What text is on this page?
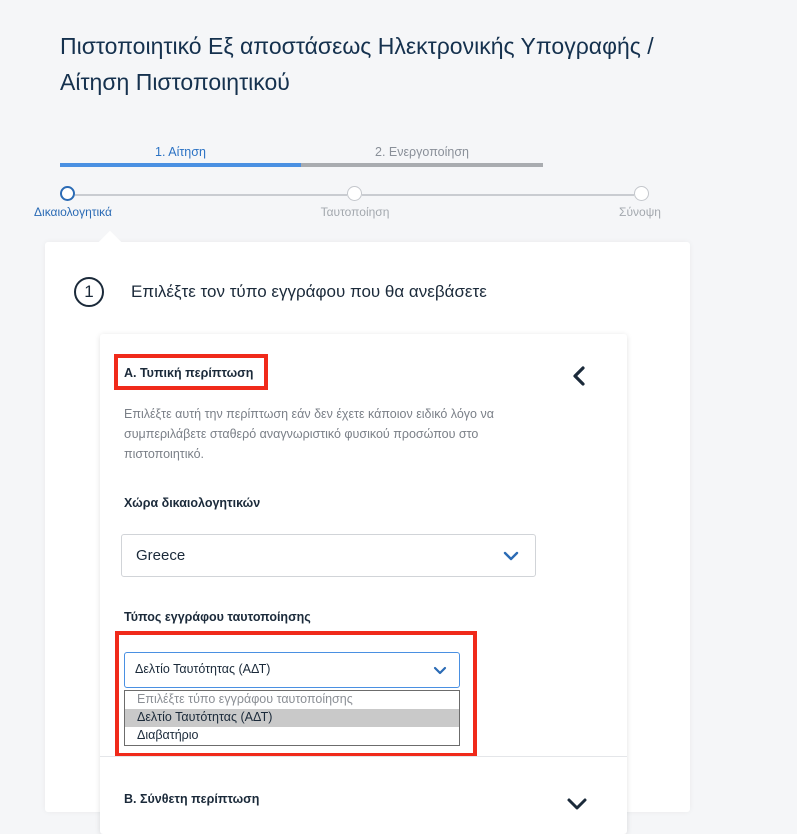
Πιστοποιητικό Εξ αποστάσεως Ηλεκτρονικής Υπογραφής /
Αίτηση Πιστοποιητικού
1. Αίτηση	2. Ενεργοποίηση
Δικαιολογητικά	Ταυτοποίηση	Σύνοψη
1	Επιλέξτε τον τύπο εγγράφου που θα ανεβάσετε
Α. Τυπική περίπτωση

Επιλέξτε αυτή την περίπτωση εάν δεν έχετε κάποιον ειδικό λόγο να συμπεριλάβετε σταθερό αναγνωριστικό φυσικού προσώπου στο πιστοποιητικό.

Χώρα δικαιολογητικών
Greece
Τύπος εγγράφου ταυτοποίησης
Δελτίο Ταυτότητας (ΑΔΤ)
Επιλέξτε τύπο εγγράφου ταυτοποίησης
Δελτίο Ταυτότητας (ΑΔΤ)
Διαβατήριο
Β. Σύνθετη περίπτωση
